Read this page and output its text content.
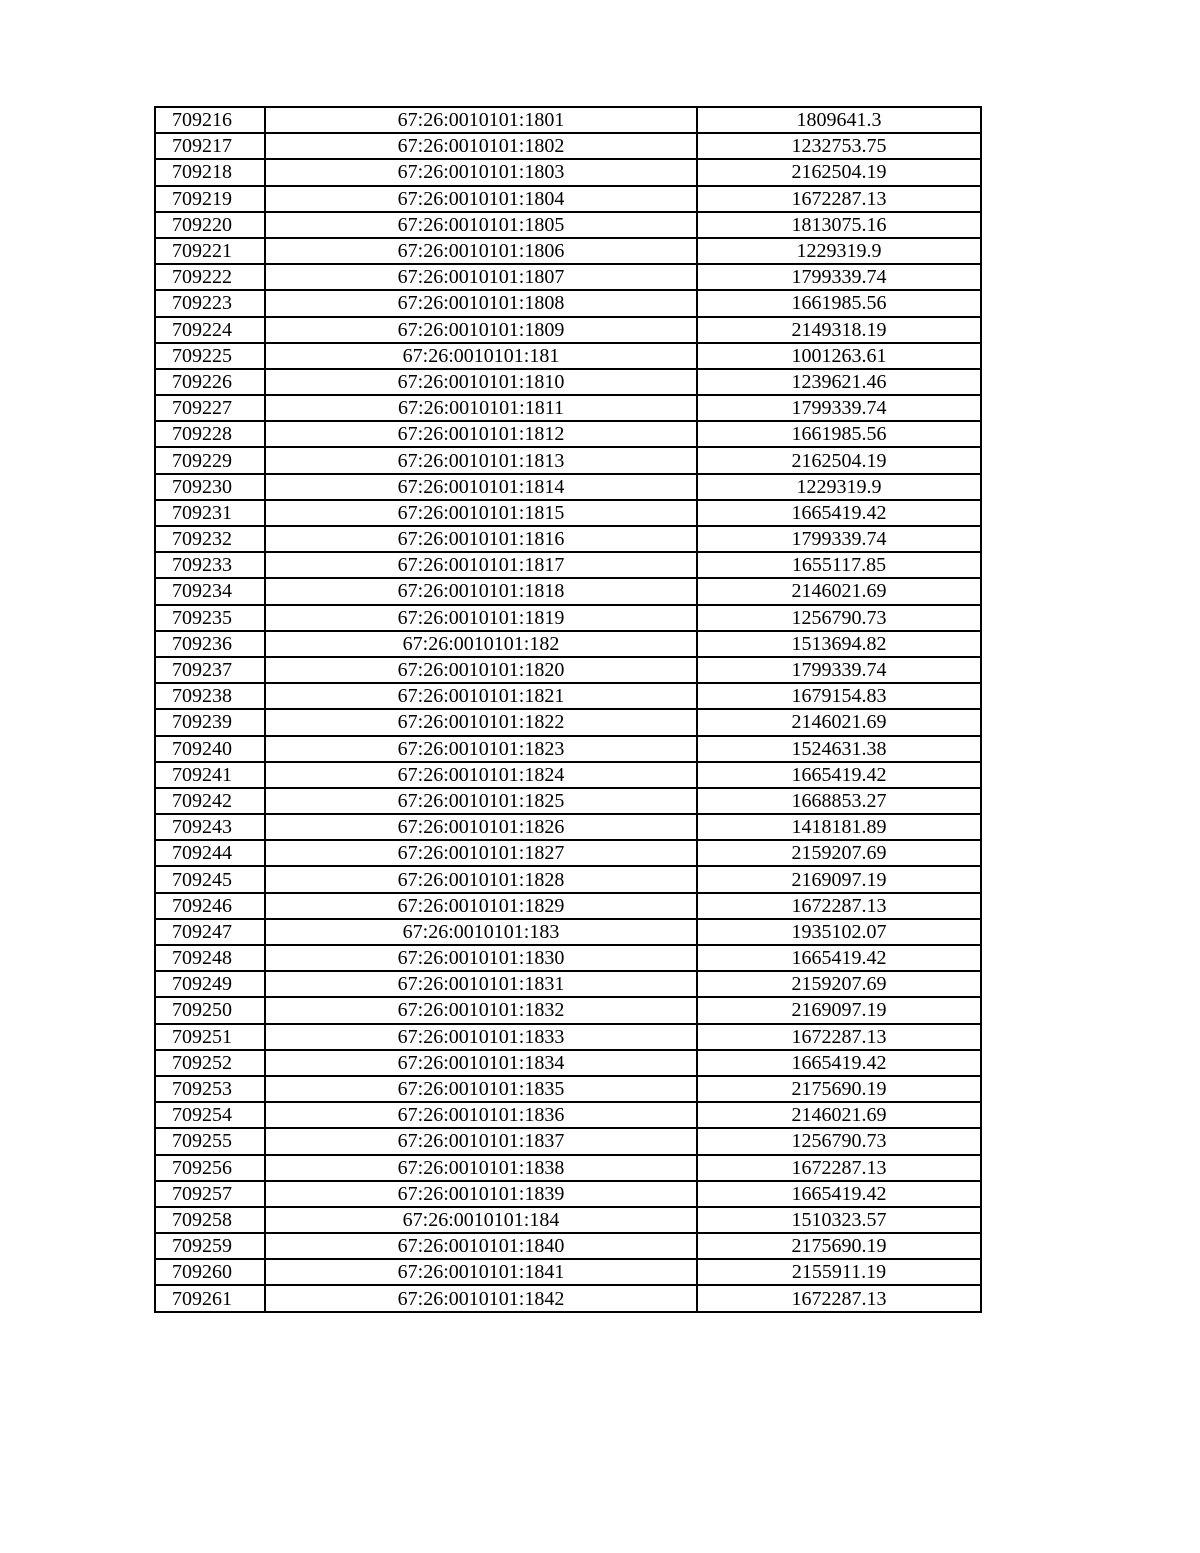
709216	67:26:0010101:1801	1809641.3
709217	67:26:0010101:1802	1232753.75
709218	67:26:0010101:1803	2162504.19
709219	67:26:0010101:1804	1672287.13
709220	67:26:0010101:1805	1813075.16
709221	67:26:0010101:1806	1229319.9
709222	67:26:0010101:1807	1799339.74
709223	67:26:0010101:1808	1661985.56
709224	67:26:0010101:1809	2149318.19
709225	67:26:0010101:181	1001263.61
709226	67:26:0010101:1810	1239621.46
709227	67:26:0010101:1811	1799339.74
709228	67:26:0010101:1812	1661985.56
709229	67:26:0010101:1813	2162504.19
709230	67:26:0010101:1814	1229319.9
709231	67:26:0010101:1815	1665419.42
709232	67:26:0010101:1816	1799339.74
709233	67:26:0010101:1817	1655117.85
709234	67:26:0010101:1818	2146021.69
709235	67:26:0010101:1819	1256790.73
709236	67:26:0010101:182	1513694.82
709237	67:26:0010101:1820	1799339.74
709238	67:26:0010101:1821	1679154.83
709239	67:26:0010101:1822	2146021.69
709240	67:26:0010101:1823	1524631.38
709241	67:26:0010101:1824	1665419.42
709242	67:26:0010101:1825	1668853.27
709243	67:26:0010101:1826	1418181.89
709244	67:26:0010101:1827	2159207.69
709245	67:26:0010101:1828	2169097.19
709246	67:26:0010101:1829	1672287.13
709247	67:26:0010101:183	1935102.07
709248	67:26:0010101:1830	1665419.42
709249	67:26:0010101:1831	2159207.69
709250	67:26:0010101:1832	2169097.19
709251	67:26:0010101:1833	1672287.13
709252	67:26:0010101:1834	1665419.42
709253	67:26:0010101:1835	2175690.19
709254	67:26:0010101:1836	2146021.69
709255	67:26:0010101:1837	1256790.73
709256	67:26:0010101:1838	1672287.13
709257	67:26:0010101:1839	1665419.42
709258	67:26:0010101:184	1510323.57
709259	67:26:0010101:1840	2175690.19
709260	67:26:0010101:1841	2155911.19
709261	67:26:0010101:1842	1672287.13
